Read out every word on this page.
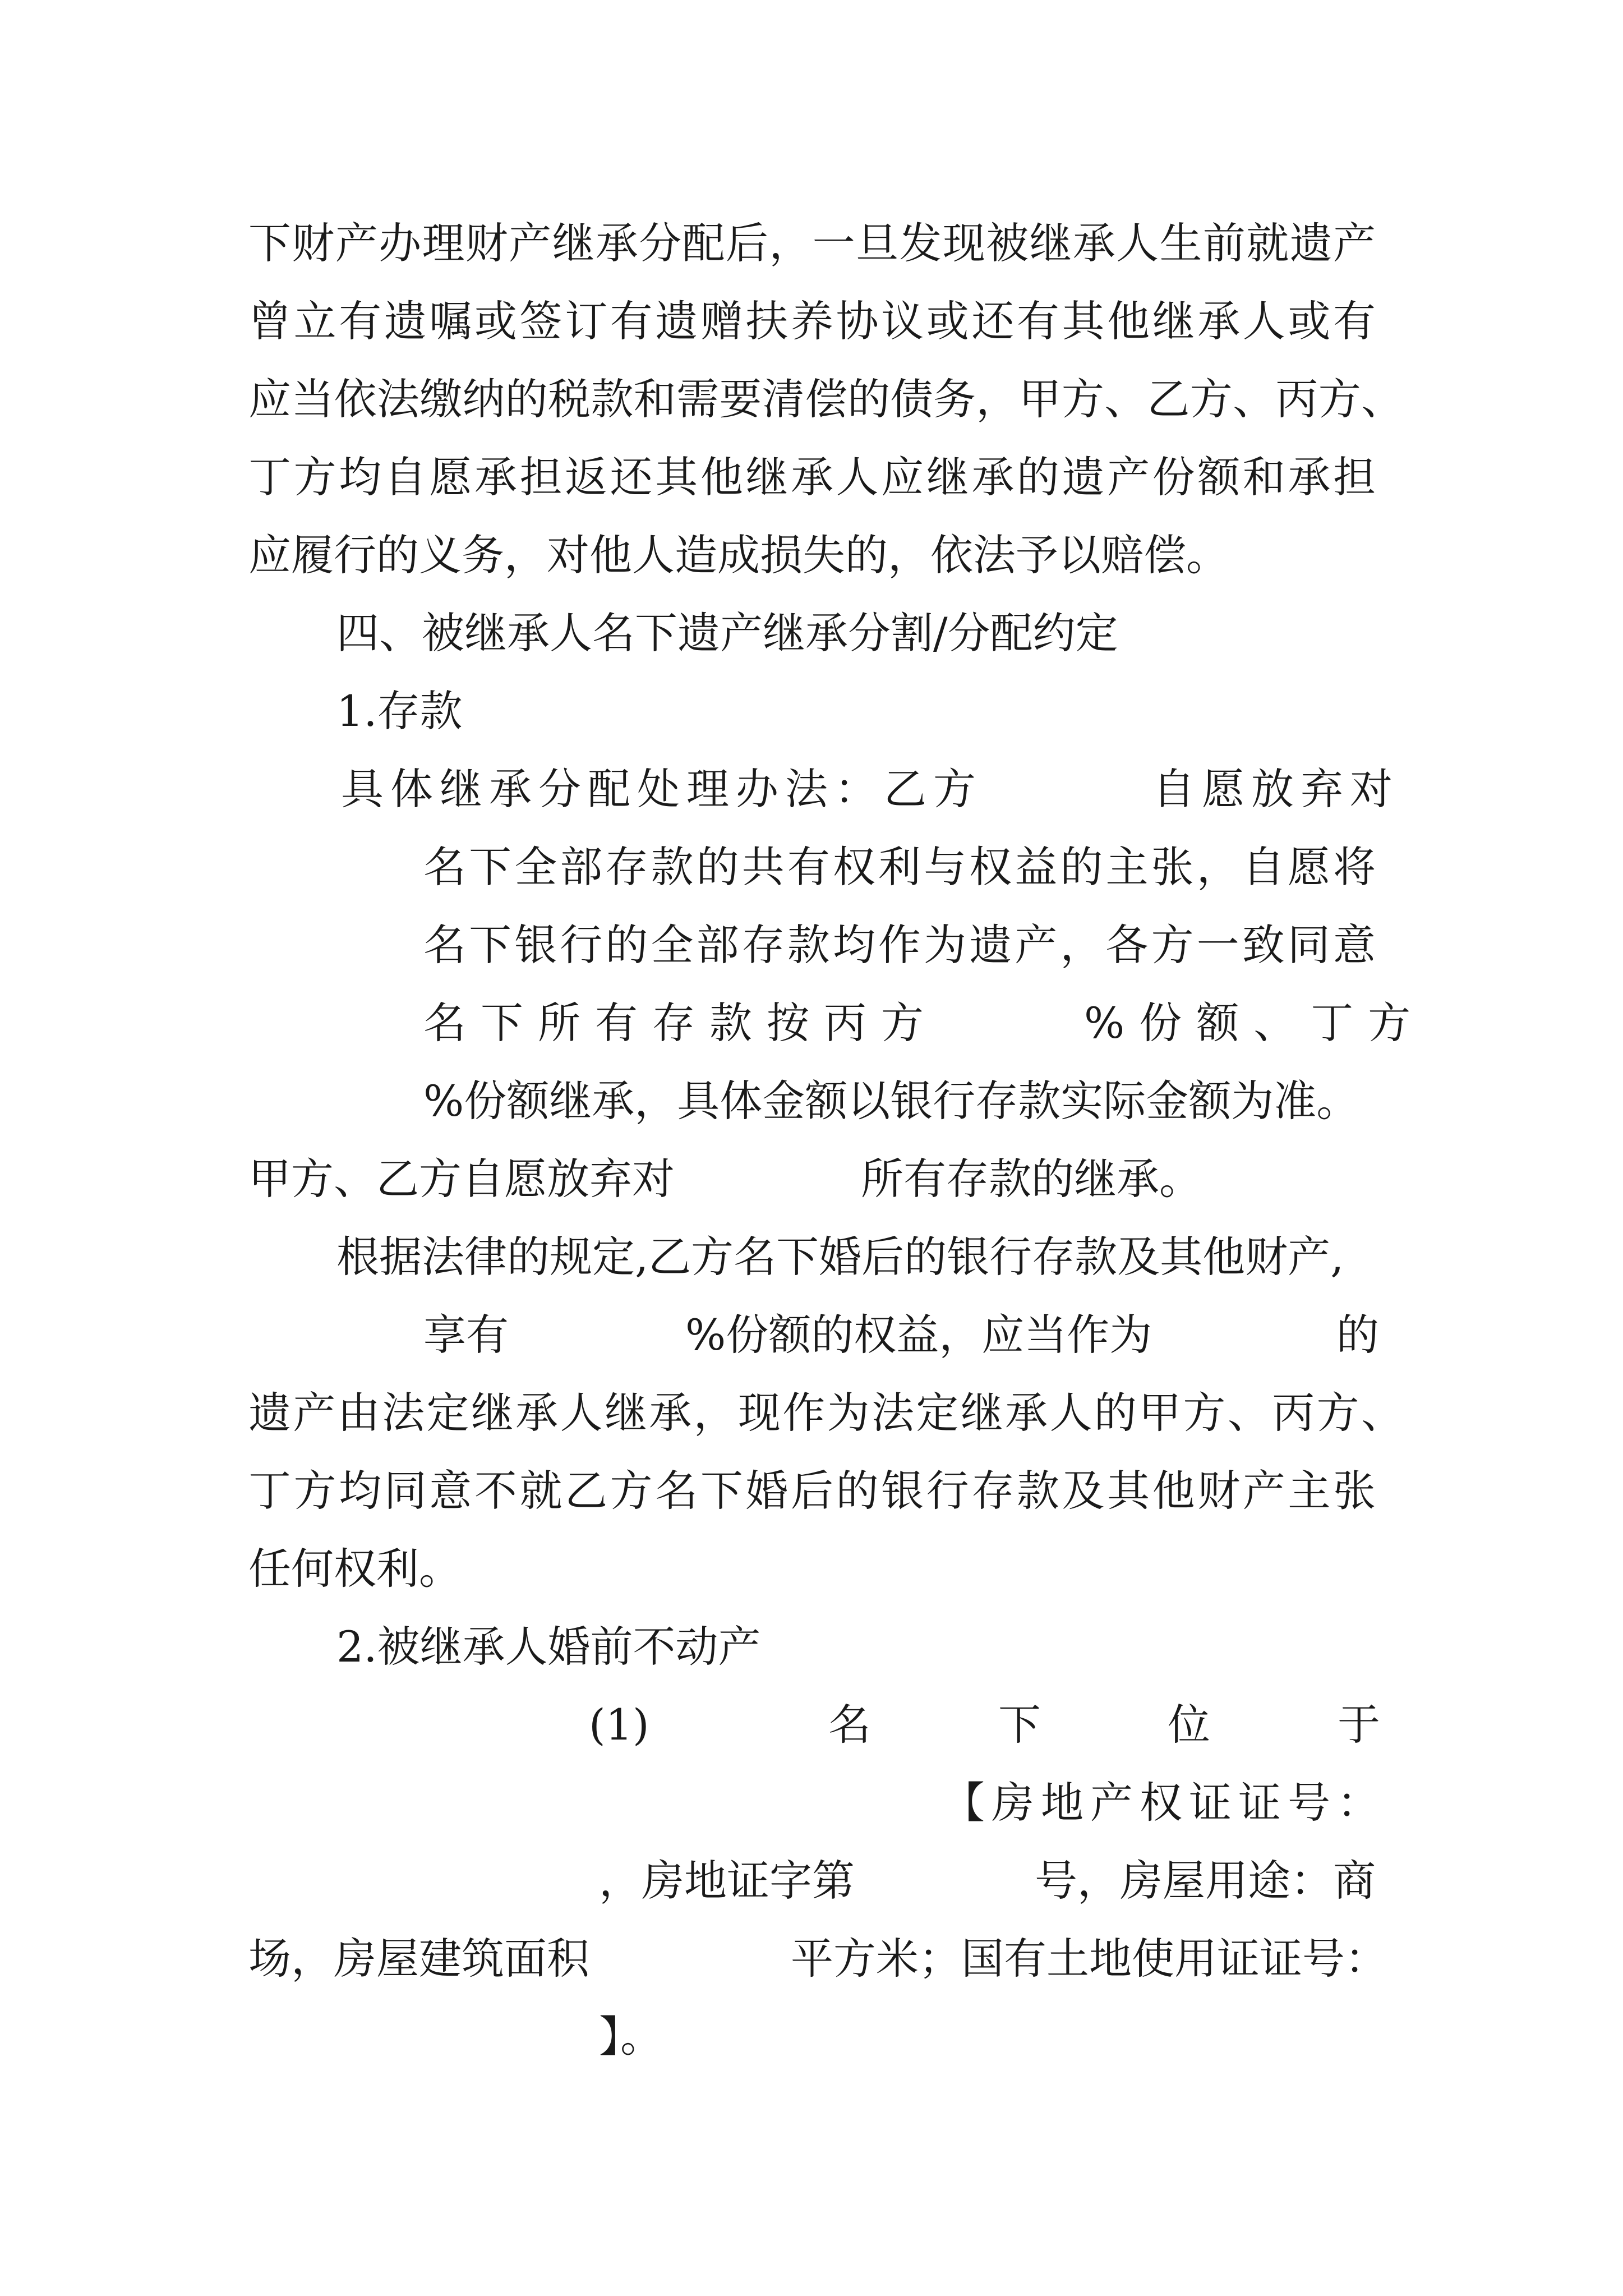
下财产办理财产继承分配后，一旦发现被继承人生前就遗产

曾立有遗嘱或签订有遗赠扶养协议或还有其他继承人或有

应当依法缴纳的税款和需要清偿的债务，甲方、乙方、丙方、

丁方均自愿承担返还其他继承人应继承的遗产份额和承担

应履行的义务，对他人造成损失的，依法予以赔偿。

四、被继承人名下遗产继承分割/分配约定

1.存款

具体继承分配处理办法：乙方	自愿放弃对

名下全部存款的共有权利与权益的主张，自愿将

名下银行的全部存款均作为遗产，各方一致同意

名下所有存款按丙方	%份额、丁方

%份额继承，具体金额以银行存款实际金额为准。

甲方、乙方自愿放弃对	所有存款的继承。

根据法律的规定,乙方名下婚后的银行存款及其他财产,

享有	%份额的权益，应当作为	的

遗产由法定继承人继承，现作为法定继承人的甲方、丙方、

丁方均同意不就乙方名下婚后的银行存款及其他财产主张

任何权利。

2.被继承人婚前不动产

(1)	名	下	位	于
【房地产权证证号：
，房地证字第	号，房屋用途：商
场，房屋建筑面积	平方米；国有土地使用证证号：
】。
